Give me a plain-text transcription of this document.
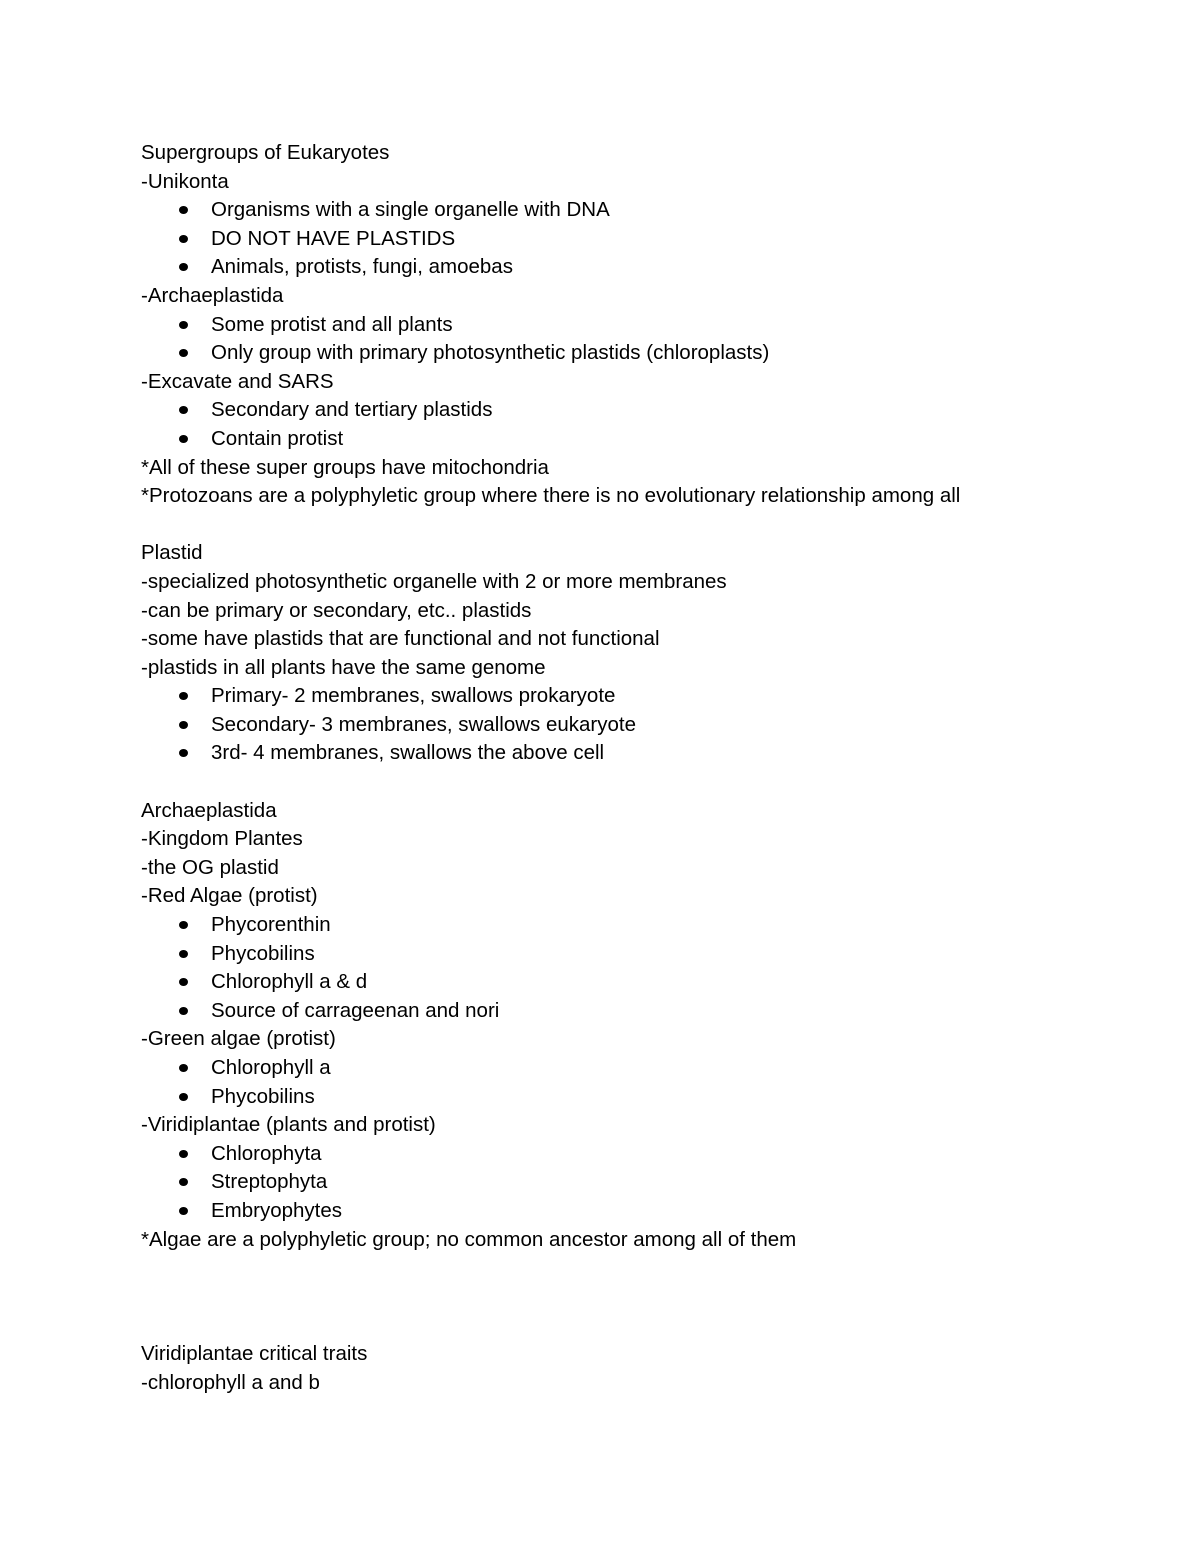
Supergroups of Eukaryotes
-Unikonta
Organisms with a single organelle with DNA
DO NOT HAVE PLASTIDS
Animals, protists, fungi, amoebas
-Archaeplastida
Some protist and all plants
Only group with primary photosynthetic plastids (chloroplasts)
-Excavate and SARS
Secondary and tertiary plastids
Contain protist
*All of these super groups have mitochondria
*Protozoans are a polyphyletic group where there is no evolutionary relationship among all
Plastid
-specialized photosynthetic organelle with 2 or more membranes
-can be primary or secondary, etc.. plastids
-some have plastids that are functional and not functional
-plastids in all plants have the same genome
Primary- 2 membranes, swallows prokaryote
Secondary- 3 membranes, swallows eukaryote
3rd- 4 membranes, swallows the above cell
Archaeplastida
-Kingdom Plantes
-the OG plastid
-Red Algae (protist)
Phycorenthin
Phycobilins
Chlorophyll a & d
Source of carrageenan and nori
-Green algae (protist)
Chlorophyll a
Phycobilins
-Viridiplantae (plants and protist)
Chlorophyta
Streptophyta
Embryophytes
*Algae are a polyphyletic group; no common ancestor among all of them
Viridiplantae critical traits
-chlorophyll a and b
